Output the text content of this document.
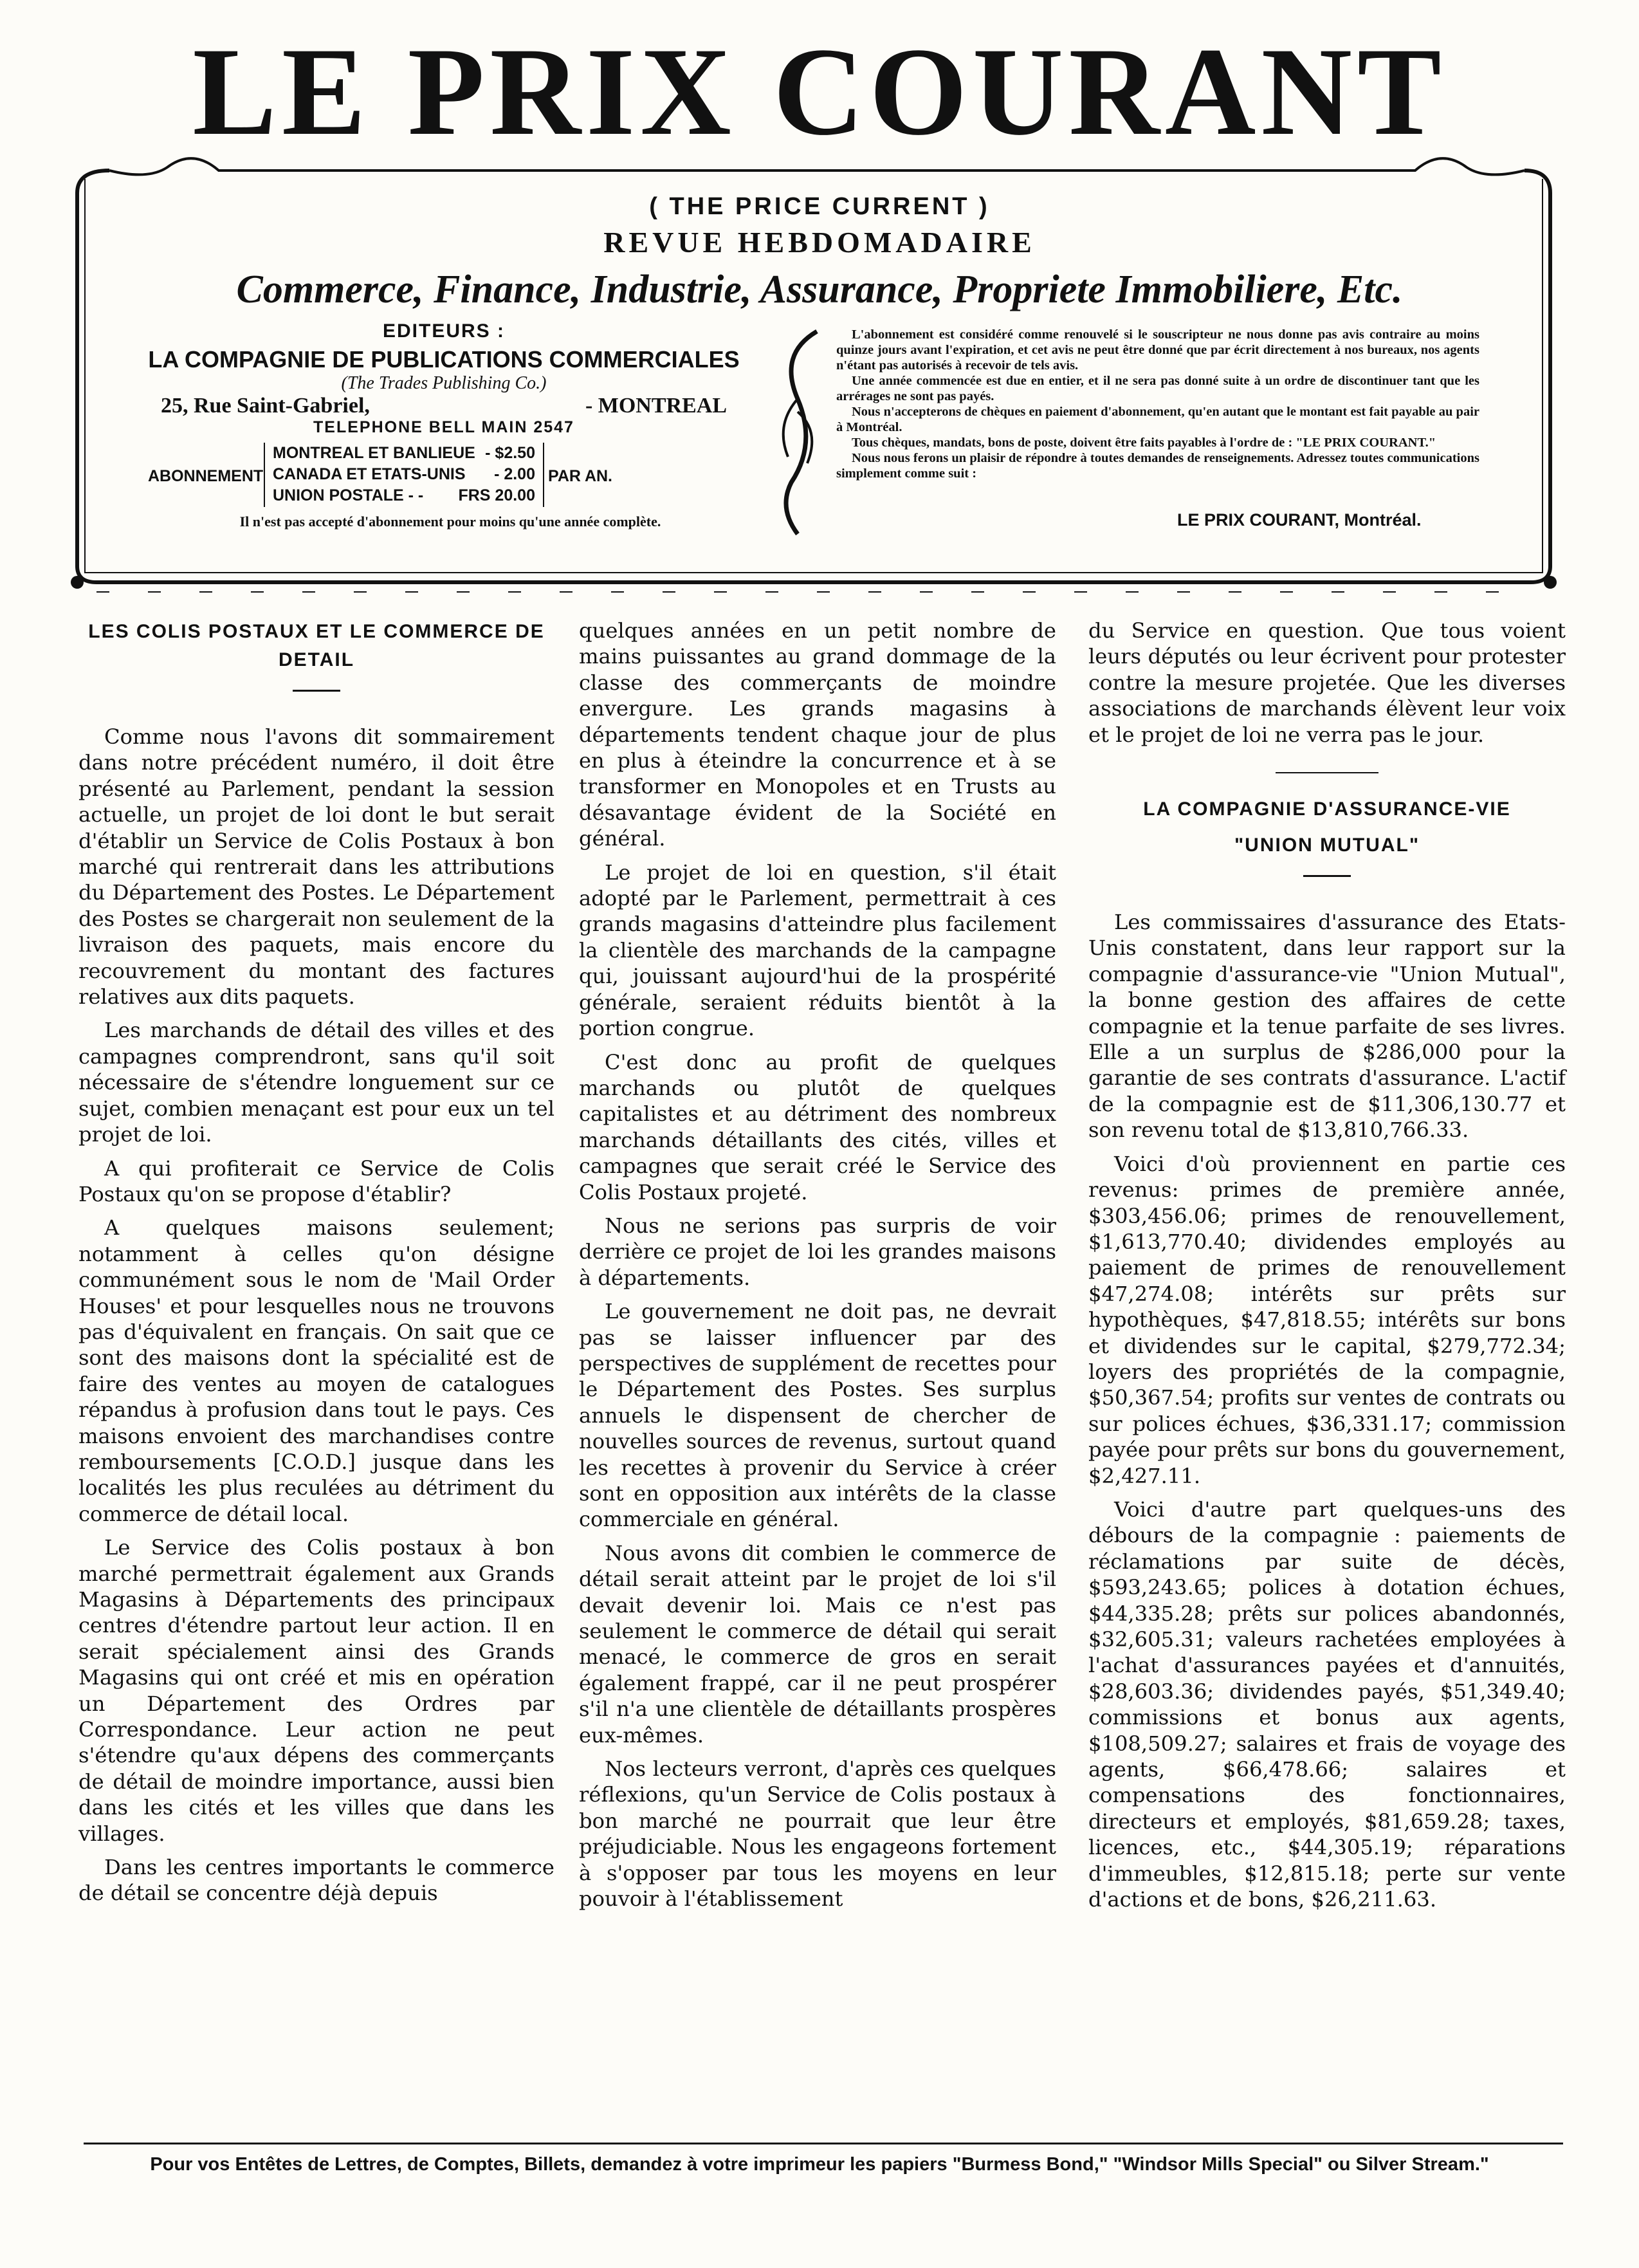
LE PRIX COURANT
( THE PRICE CURRENT )
REVUE HEBDOMADAIRE
Commerce, Finance, Industrie, Assurance, Propriete Immobiliere, Etc.
EDITEURS :
LA COMPAGNIE DE PUBLICATIONS COMMERCIALES
(The Trades Publishing Co.)
25, Rue Saint-Gabriel,	- MONTREAL
TELEPHONE BELL MAIN 2547
ABONNEMENT
MONTREAL ET BANLIEUE - $2.50
CANADA ET ETATS-UNIS - 2.00
UNION POSTALE - - FRS 20.00
PAR AN.
Il n'est pas accepté d'abonnement pour moins qu'une année complète.

L'abonnement est considéré comme renouvelé si le souscripteur ne nous donne pas avis contraire au moins quinze jours avant l'expiration, et cet avis ne peut être donné que par écrit directement à nos bureaux, nos agents n'étant pas autorisés à recevoir de tels avis.

Une année commencée est due en entier, et il ne sera pas donné suite à un ordre de discontinuer tant que les arrérages ne sont pas payés.

Nous n'accepterons de chèques en paiement d'abonnement, qu'en autant que le montant est fait payable au pair à Montréal.

Tous chèques, mandats, bons de poste, doivent être faits payables à l'ordre de : "LE PRIX COURANT."

Nous nous ferons un plaisir de répondre à toutes demandes de renseignements. Adressez toutes communications simplement comme suit :

LE PRIX COURANT, Montréal.

LES COLIS POSTAUX ET LE COMMERCE DE DETAIL

Comme nous l'avons dit sommairement dans notre précédent numéro, il doit être présenté au Parlement, pendant la session actuelle, un projet de loi dont le but serait d'établir un Service de Colis Postaux à bon marché qui rentrerait dans les attributions du Département des Postes. Le Département des Postes se chargerait non seulement de la livraison des paquets, mais encore du recouvrement du montant des factures relatives aux dits paquets.

Les marchands de détail des villes et des campagnes comprendront, sans qu'il soit nécessaire de s'étendre longuement sur ce sujet, combien menaçant est pour eux un tel projet de loi.

A qui profiterait ce Service de Colis Postaux qu'on se propose d'établir?

A quelques maisons seulement; notamment à celles qu'on désigne communément sous le nom de 'Mail Order Houses' et pour lesquelles nous ne trouvons pas d'équivalent en français. On sait que ce sont des maisons dont la spécialité est de faire des ventes au moyen de catalogues répandus à profusion dans tout le pays. Ces maisons envoient des marchandises contre remboursements [C.O.D.] jusque dans les localités les plus reculées au détriment du commerce de détail local.

Le Service des Colis postaux à bon marché permettrait également aux Grands Magasins à Départements des principaux centres d'étendre partout leur action. Il en serait spécialement ainsi des Grands Magasins qui ont créé et mis en opération un Département des Ordres par Correspondance. Leur action ne peut s'étendre qu'aux dépens des commerçants de détail de moindre importance, aussi bien dans les cités et les villes que dans les villages.

Dans les centres importants le commerce de détail se concentre déjà depuis

quelques années en un petit nombre de mains puissantes au grand dommage de la classe des commerçants de moindre envergure. Les grands magasins à départements tendent chaque jour de plus en plus à éteindre la concurrence et à se transformer en Monopoles et en Trusts au désavantage évident de la Société en général.

Le projet de loi en question, s'il était adopté par le Parlement, permettrait à ces grands magasins d'atteindre plus facilement la clientèle des marchands de la campagne qui, jouissant aujourd'hui de la prospérité générale, seraient réduits bientôt à la portion congrue.

C'est donc au profit de quelques marchands ou plutôt de quelques capitalistes et au détriment des nombreux marchands détaillants des cités, villes et campagnes que serait créé le Service des Colis Postaux projeté.

Nous ne serions pas surpris de voir derrière ce projet de loi les grandes maisons à départements.

Le gouvernement ne doit pas, ne devrait pas se laisser influencer par des perspectives de supplément de recettes pour le Département des Postes. Ses surplus annuels le dispensent de chercher de nouvelles sources de revenus, surtout quand les recettes à provenir du Service à créer sont en opposition aux intérêts de la classe commerciale en général.

Nous avons dit combien le commerce de détail serait atteint par le projet de loi s'il devait devenir loi. Mais ce n'est pas seulement le commerce de détail qui serait menacé, le commerce de gros en serait également frappé, car il ne peut prospérer s'il n'a une clientèle de détaillants prospères eux-mêmes.

Nos lecteurs verront, d'après ces quelques réflexions, qu'un Service de Colis postaux à bon marché ne pourrait que leur être préjudiciable. Nous les engageons fortement à s'opposer par tous les moyens en leur pouvoir à l'établissement

du Service en question. Que tous voient leurs députés ou leur écrivent pour protester contre la mesure projetée. Que les diverses associations de marchands élèvent leur voix et le projet de loi ne verra pas le jour.

LA COMPAGNIE D'ASSURANCE-VIE

"UNION MUTUAL"

Les commissaires d'assurance des Etats-Unis constatent, dans leur rapport sur la compagnie d'assurance-vie "Union Mutual", la bonne gestion des affaires de cette compagnie et la tenue parfaite de ses livres. Elle a un surplus de $286,000 pour la garantie de ses contrats d'assurance. L'actif de la compagnie est de $11,306,130.77 et son revenu total de $13,810,766.33.

Voici d'où proviennent en partie ces revenus: primes de première année, $303,456.06; primes de renouvellement, $1,613,770.40; dividendes employés au paiement de primes de renouvellement $47,274.08; intérêts sur prêts sur hypothèques, $47,818.55; intérêts sur bons et dividendes sur le capital, $279,772.34; loyers des propriétés de la compagnie, $50,367.54; profits sur ventes de contrats ou sur polices échues, $36,331.17; commission payée pour prêts sur bons du gouvernement, $2,427.11.

Voici d'autre part quelques-uns des débours de la compagnie : paiements de réclamations par suite de décès, $593,243.65; polices à dotation échues, $44,335.28; prêts sur polices abandonnés, $32,605.31; valeurs rachetées employées à l'achat d'assurances payées et d'annuités, $28,603.36; dividendes payés, $51,349.40; commissions et bonus aux agents, $108,509.27; salaires et frais de voyage des agents, $66,478.66; salaires et compensations des fonctionnaires, directeurs et employés, $81,659.28; taxes, licences, etc., $44,305.19; réparations d'immeubles, $12,815.18; perte sur vente d'actions et de bons, $26,211.63.

Pour vos Entêtes de Lettres, de Comptes, Billets, demandez à votre imprimeur les papiers "Burmess Bond," "Windsor Mills Special" ou Silver Stream."
